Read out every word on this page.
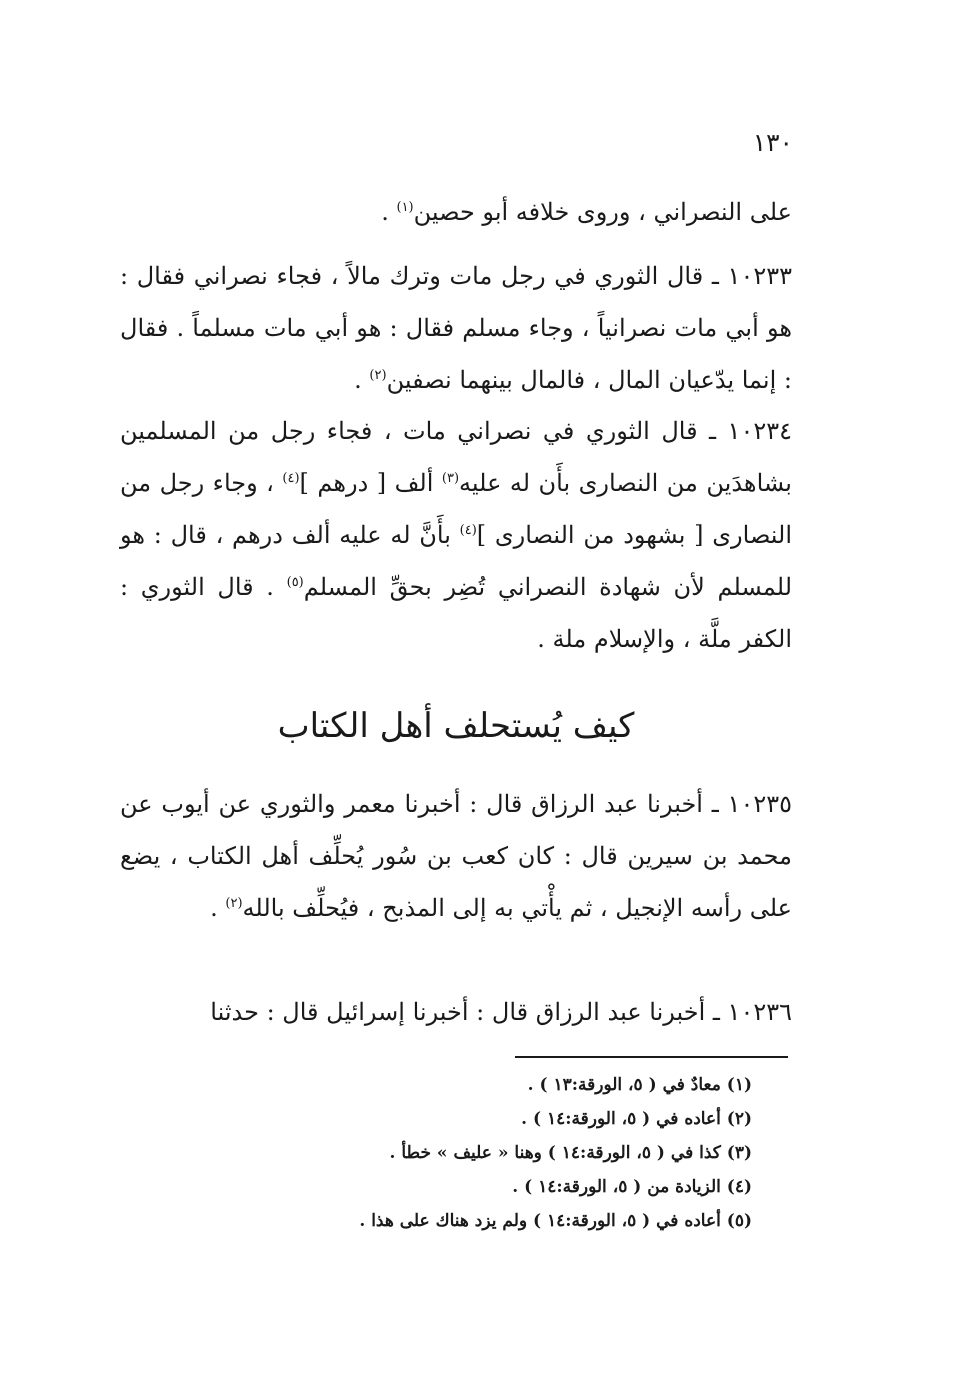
١٣٠

على النصراني ، وروى خلافه أبو حصين$^{(١)}$ .

١٠٢٣٣ ـ قال الثوري في رجل مات وترك مالاً ، فجاء نصراني فقال : هو أبي مات نصرانياً ، وجاء مسلم فقال : هو أبي مات مسلماً . فقال : إنما يدّعيان المال ، فالمال بينهما نصفين$^{(٢)}$ .

١٠٢٣٤ ـ قال الثوري في نصراني مات ، فجاء رجل من المسلمين بشاهدَين من النصارى بأَن له عليه$^{(٣)}$ ألف [ درهم ]$^{(٤)}$ ، وجاء رجل من النصارى [ بشهود من النصارى ]$^{(٤)}$ بأَنَّ له عليه ألف درهم ، قال : هو للمسلم لأن شهادة النصراني تُضِر بحقِّ المسلم$^{(٥)}$ . قال الثوري : الكفر ملَّة ، والإسلام ملة .

كيف يُستحلف أهل الكتاب

١٠٢٣٥ ـ أخبرنا عبد الرزاق قال : أخبرنا معمر والثوري عن أيوب عن محمد بن سيرين قال : كان كعب بن سُور يُحلِّف أهل الكتاب ، يضع على رأسه الإنجيل ، ثم يأْتي به إلى المذبح ، فيُحلِّف بالله$^{(٢)}$ .

١٠٢٣٦ ـ أخبرنا عبد الرزاق قال : أخبرنا إسرائيل قال : حدثنا

(١) معادٌ في ( ٥، الورقة:١٣ ) .

(٢) أعاده في ( ٥، الورقة:١٤ ) .

(٣) كذا في ( ٥، الورقة:١٤ ) وهنا « عليف » خطأ .

(٤) الزيادة من ( ٥، الورقة:١٤ ) .

(٥) أعاده في ( ٥، الورقة:١٤ ) ولم يزد هناك على هذا .
